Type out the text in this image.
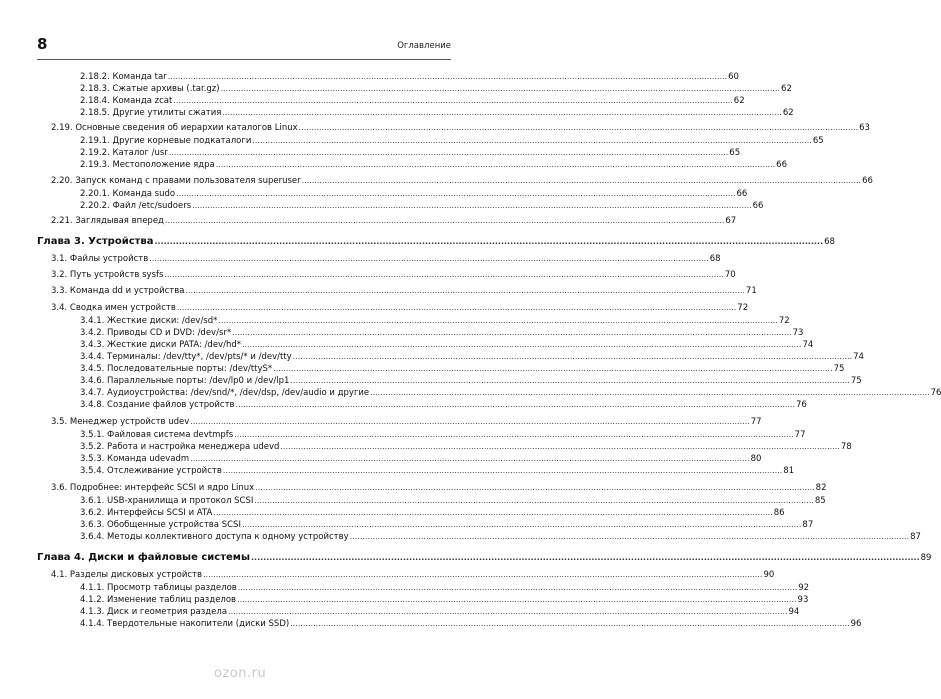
8	Оглавление
2.18.2. Команда tar ............................................................................................................................................................................................................................ 60
2.18.3. Сжатые архивы (.tar.gz) ............................................................................................................................................................................................................................ 62
2.18.4. Команда zcat ............................................................................................................................................................................................................................ 62
2.18.5. Другие утилиты сжатия ............................................................................................................................................................................................................................ 62
2.19. Основные сведения об иерархии каталогов Linux ............................................................................................................................................................................................................................ 63
2.19.1. Другие корневые подкаталоги ............................................................................................................................................................................................................................ 65
2.19.2. Каталог /usr ............................................................................................................................................................................................................................ 65
2.19.3. Местоположение ядра ............................................................................................................................................................................................................................ 66
2.20. Запуск команд с правами пользователя superuser ............................................................................................................................................................................................................................ 66
2.20.1. Команда sudo ............................................................................................................................................................................................................................ 66
2.20.2. Файл /etc/sudoers ............................................................................................................................................................................................................................ 66
2.21. Заглядывая вперед ............................................................................................................................................................................................................................ 67
Глава 3. Устройства ............................................................................................................................................................................................................................ 68
3.1. Файлы устройств ............................................................................................................................................................................................................................ 68
3.2. Путь устройств sysfs ............................................................................................................................................................................................................................ 70
3.3. Команда dd и устройства ............................................................................................................................................................................................................................ 71
3.4. Сводка имен устройств ............................................................................................................................................................................................................................ 72
3.4.1. Жесткие диски: /dev/sd* ............................................................................................................................................................................................................................ 72
3.4.2. Приводы CD и DVD: /dev/sr* ............................................................................................................................................................................................................................ 73
3.4.3. Жесткие диски PATA: /dev/hd* ............................................................................................................................................................................................................................ 74
3.4.4. Терминалы: /dev/tty*, /dev/pts/* и /dev/tty ............................................................................................................................................................................................................................ 74
3.4.5. Последовательные порты: /dev/ttyS* ............................................................................................................................................................................................................................ 75
3.4.6. Параллельные порты: /dev/lp0 и /dev/lp1 ............................................................................................................................................................................................................................ 75
3.4.7. Аудиоустройства: /dev/snd/*, /dev/dsp, /dev/audio и другие ............................................................................................................................................................................................................................ 76
3.4.8. Создание файлов устройств ............................................................................................................................................................................................................................ 76
3.5. Менеджер устройств udev ............................................................................................................................................................................................................................ 77
3.5.1. Файловая система devtmpfs ............................................................................................................................................................................................................................ 77
3.5.2. Работа и настройка менеджера udevd ............................................................................................................................................................................................................................ 78
3.5.3. Команда udevadm ............................................................................................................................................................................................................................ 80
3.5.4. Отслеживание устройств ............................................................................................................................................................................................................................ 81
3.6. Подробнее: интерфейс SCSI и ядро Linux ............................................................................................................................................................................................................................ 82
3.6.1. USB-хранилища и протокол SCSI ............................................................................................................................................................................................................................ 85
3.6.2. Интерфейсы SCSI и ATA ............................................................................................................................................................................................................................ 86
3.6.3. Обобщенные устройства SCSI ............................................................................................................................................................................................................................ 87
3.6.4. Методы коллективного доступа к одному устройству ............................................................................................................................................................................................................................ 87
Глава 4. Диски и файловые системы ............................................................................................................................................................................................................................ 89
4.1. Разделы дисковых устройств ............................................................................................................................................................................................................................ 90
4.1.1. Просмотр таблицы разделов ............................................................................................................................................................................................................................ 92
4.1.2. Изменение таблиц разделов ............................................................................................................................................................................................................................ 93
4.1.3. Диск и геометрия раздела ............................................................................................................................................................................................................................ 94
4.1.4. Твердотельные накопители (диски SSD) ............................................................................................................................................................................................................................ 96
ozon.ru
